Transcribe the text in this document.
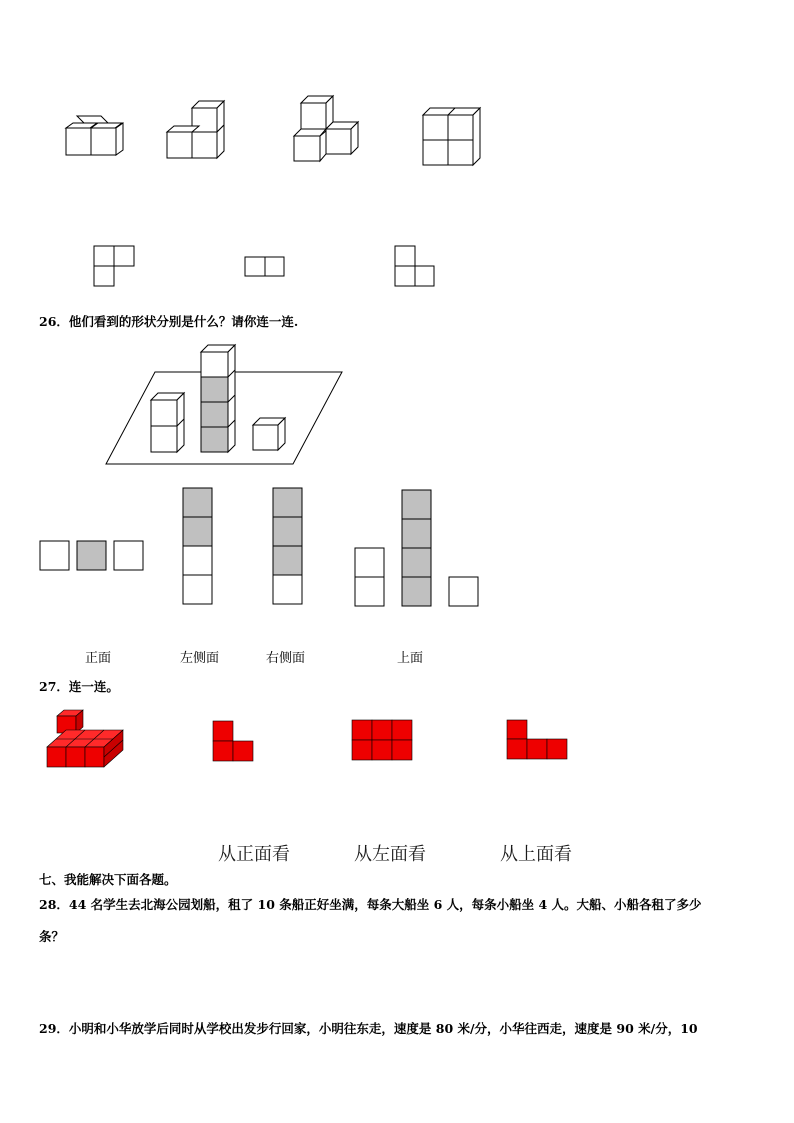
26．他们看到的形状分别是什么？请你连一连.
正面	左侧面	右侧面	上面
27．连一连。
从正面看	从左面看	从上面看
七、我能解决下面各题。
28．44 名学生去北海公园划船，租了 10 条船正好坐满，每条大船坐 6 人，每条小船坐 4 人。大船、小船各租了多少
条？
29．小明和小华放学后同时从学校出发步行回家，小明往东走，速度是 80 米/分，小华往西走，速度是 90 米/分，10
